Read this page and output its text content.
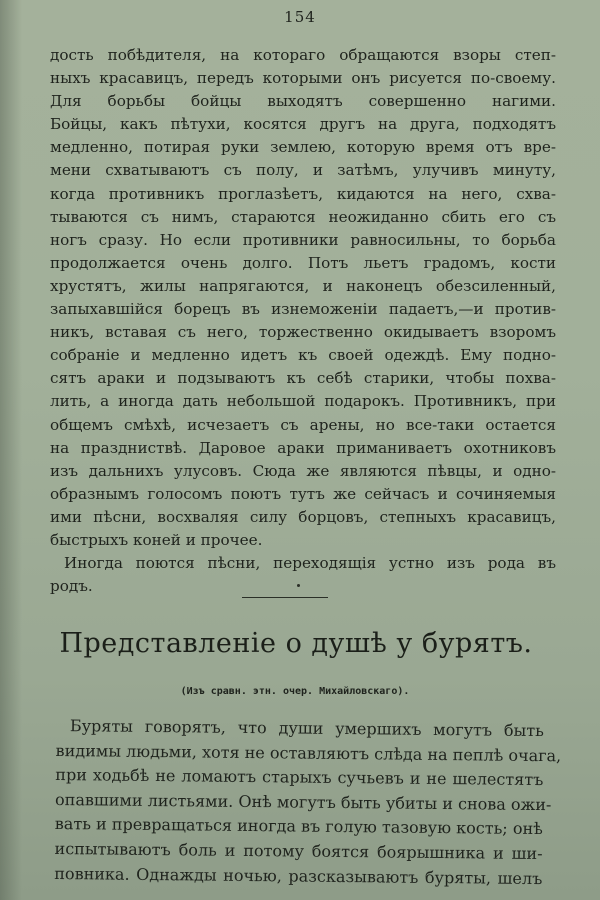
154
дость побѣдителя, на котораго обращаются взоры степ-
ныхъ красавицъ, передъ которыми онъ рисуется по-своему.
Для борьбы бойцы выходятъ совершенно нагими.
Бойцы, какъ пѣтухи, косятся другъ на друга, подходятъ
медленно, потирая руки землею, которую время отъ вре-
мени схватываютъ съ полу, и затѣмъ, улучивъ минуту,
когда противникъ проглазѣетъ, кидаются на него, схва-
тываются съ нимъ, стараются неожиданно сбить его съ
ногъ сразу. Но если противники равносильны, то борьба
продолжается очень долго. Потъ льетъ градомъ, кости
хрустятъ, жилы напрягаются, и наконецъ обезсиленный,
запыхавшійся борецъ въ изнеможеніи падаетъ,—и против-
никъ, вставая съ него, торжественно окидываетъ взоромъ
собраніе и медленно идетъ къ своей одеждѣ. Ему подно-
сятъ араки и подзываютъ къ себѣ старики, чтобы похва-
лить, а иногда дать небольшой подарокъ. Противникъ, при
общемъ смѣхѣ, исчезаетъ съ арены, но все-таки остается
на праздниствѣ. Даровое араки приманиваетъ охотниковъ
изъ дальнихъ улусовъ. Сюда же являются пѣвцы, и одно-
образнымъ голосомъ поютъ тутъ же сейчасъ и сочиняемыя
ими пѣсни, восхваляя силу борцовъ, степныхъ красавицъ,
быстрыхъ коней и прочее.
Иногда поются пѣсни, переходящія устно изъ рода въ
родъ.
Представленіе о душѣ у бурятъ.
(Изъ сравн. этн. очер. Михайловскаго).
Буряты говорятъ, что души умершихъ могутъ быть
видимы людьми, хотя не оставляютъ слѣда на пеплѣ очага,
при ходьбѣ не ломаютъ старыхъ сучьевъ и не шелестятъ
опавшими листьями. Онѣ могутъ быть убиты и снова ожи-
вать и превращаться иногда въ голую тазовую кость; онѣ
испытываютъ боль и потому боятся боярышника и ши-
повника. Однажды ночью, разсказываютъ буряты, шелъ
